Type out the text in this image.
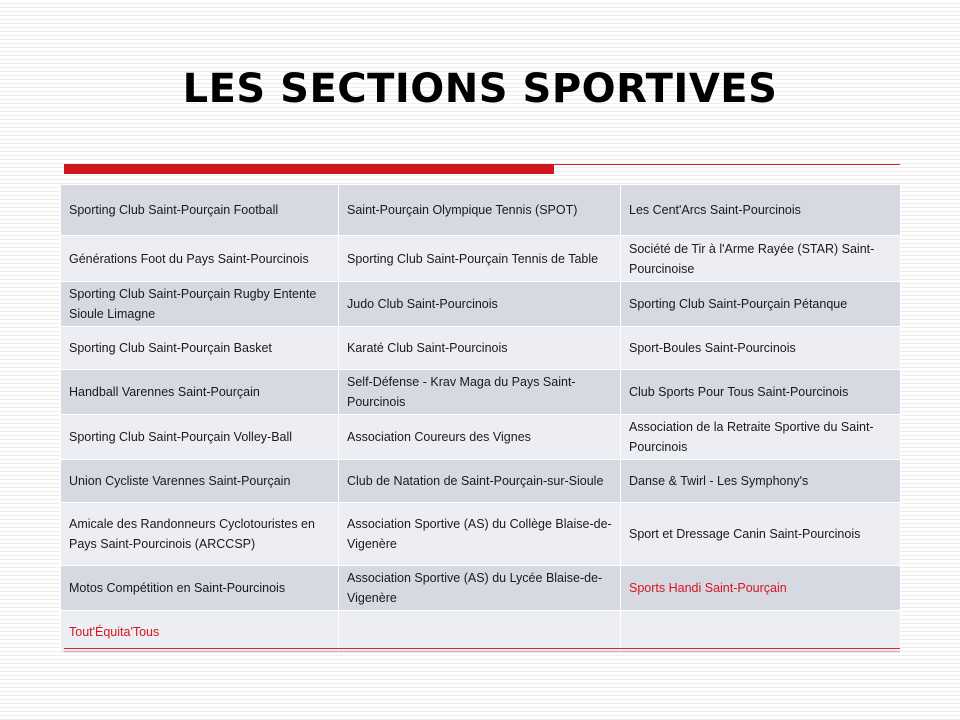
LES SECTIONS SPORTIVES
Sporting Club Saint-Pourçain Football	Saint-Pourçain Olympique Tennis (SPOT)	Les Cent'Arcs Saint-Pourcinois
Générations Foot du Pays Saint-Pourcinois	Sporting Club Saint-Pourçain Tennis de Table	Société de Tir à l'Arme Rayée (STAR) Saint-Pourcinoise
Sporting Club Saint-Pourçain Rugby Entente Sioule Limagne	Judo Club Saint-Pourcinois	Sporting Club Saint-Pourçain Pétanque
Sporting Club Saint-Pourçain Basket	Karaté Club Saint-Pourcinois	Sport-Boules Saint-Pourcinois
Handball Varennes Saint-Pourçain	Self-Défense - Krav Maga du Pays Saint-Pourcinois	Club Sports Pour Tous Saint-Pourcinois
Sporting Club Saint-Pourçain Volley-Ball	Association Coureurs des Vignes	Association de la Retraite Sportive du Saint-Pourcinois
Union Cycliste Varennes Saint-Pourçain	Club de Natation de Saint-Pourçain-sur-Sioule	Danse & Twirl - Les Symphony's
Amicale des Randonneurs Cyclotouristes en Pays Saint-Pourcinois (ARCCSP)	Association Sportive (AS) du Collège Blaise-de-Vigenère	Sport et Dressage Canin Saint-Pourcinois
Motos Compétition en Saint-Pourcinois	Association Sportive (AS) du Lycée Blaise-de-Vigenère	Sports Handi Saint-Pourçain
Tout'Équita'Tous		
